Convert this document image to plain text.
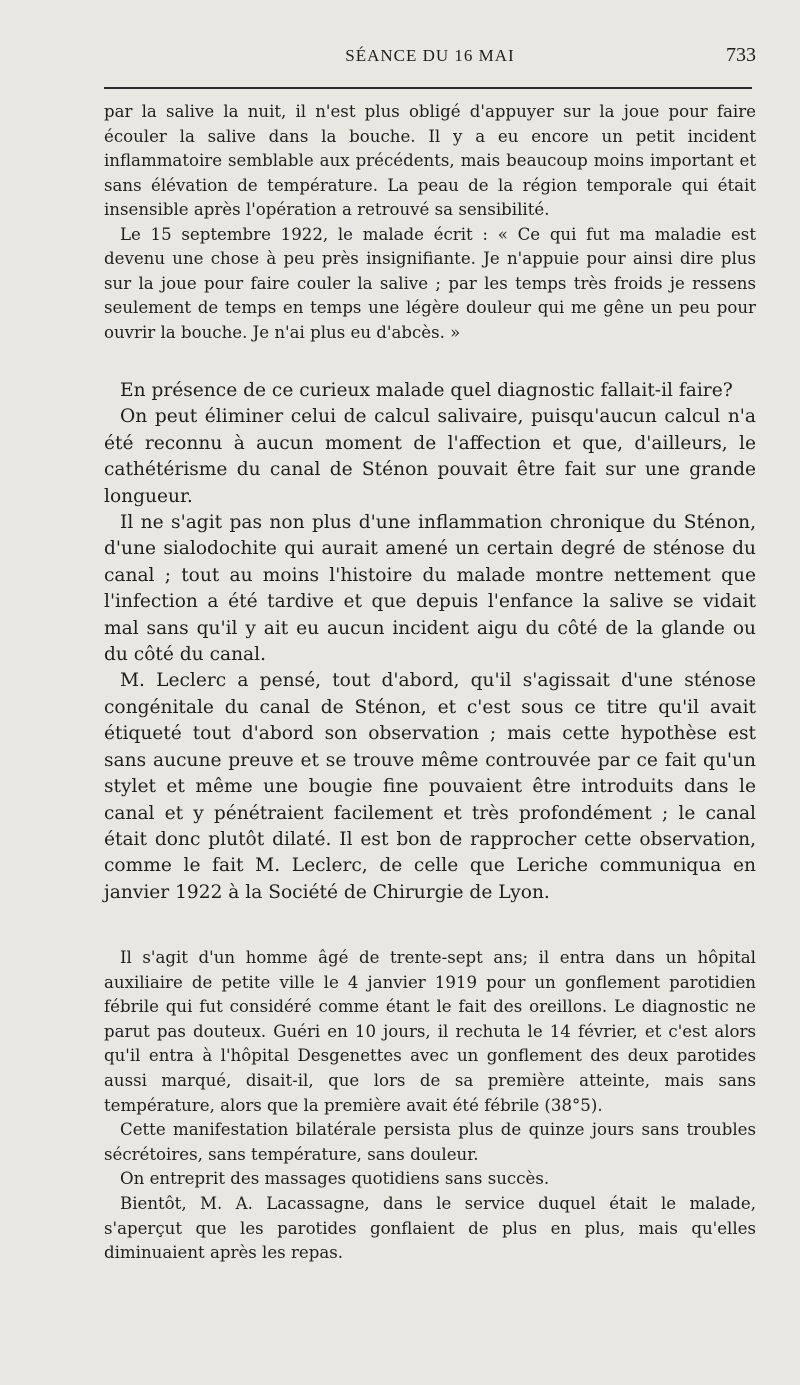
SÉANCE DU 16 MAI	733

par la salive la nuit, il n'est plus obligé d'appuyer sur la joue pour faire écouler la salive dans la bouche. Il y a eu encore un petit incident inflammatoire semblable aux précédents, mais beaucoup moins important et sans élévation de température. La peau de la région temporale qui était insensible après l'opération a retrouvé sa sensibilité.

Le 15 septembre 1922, le malade écrit : « Ce qui fut ma maladie est devenu une chose à peu près insignifiante. Je n'appuie pour ainsi dire plus sur la joue pour faire couler la salive ; par les temps très froids je ressens seulement de temps en temps une légère douleur qui me gêne un peu pour ouvrir la bouche. Je n'ai plus eu d'abcès. »

En présence de ce curieux malade quel diagnostic fallait-il faire?

On peut éliminer celui de calcul salivaire, puisqu'aucun calcul n'a été reconnu à aucun moment de l'affection et que, d'ailleurs, le cathétérisme du canal de Sténon pouvait être fait sur une grande longueur.

Il ne s'agit pas non plus d'une inflammation chronique du Sténon, d'une sialodochite qui aurait amené un certain degré de sténose du canal ; tout au moins l'histoire du malade montre nettement que l'infection a été tardive et que depuis l'enfance la salive se vidait mal sans qu'il y ait eu aucun incident aigu du côté de la glande ou du côté du canal.

M. Leclerc a pensé, tout d'abord, qu'il s'agissait d'une sténose congénitale du canal de Sténon, et c'est sous ce titre qu'il avait étiqueté tout d'abord son observation ; mais cette hypothèse est sans aucune preuve et se trouve même controuvée par ce fait qu'un stylet et même une bougie fine pouvaient être introduits dans le canal et y pénétraient facilement et très profondément ; le canal était donc plutôt dilaté. Il est bon de rapprocher cette observation, comme le fait M. Leclerc, de celle que Leriche communiqua en janvier 1922 à la Société de Chirurgie de Lyon.

Il s'agit d'un homme âgé de trente-sept ans; il entra dans un hôpital auxiliaire de petite ville le 4 janvier 1919 pour un gonflement parotidien fébrile qui fut considéré comme étant le fait des oreillons. Le diagnostic ne parut pas douteux. Guéri en 10 jours, il rechuta le 14 février, et c'est alors qu'il entra à l'hôpital Desgenettes avec un gonflement des deux parotides aussi marqué, disait-il, que lors de sa première atteinte, mais sans température, alors que la première avait été fébrile (38°5).

Cette manifestation bilatérale persista plus de quinze jours sans troubles sécrétoires, sans température, sans douleur.

On entreprit des massages quotidiens sans succès.

Bientôt, M. A. Lacassagne, dans le service duquel était le malade, s'aperçut que les parotides gonflaient de plus en plus, mais qu'elles diminuaient après les repas.
